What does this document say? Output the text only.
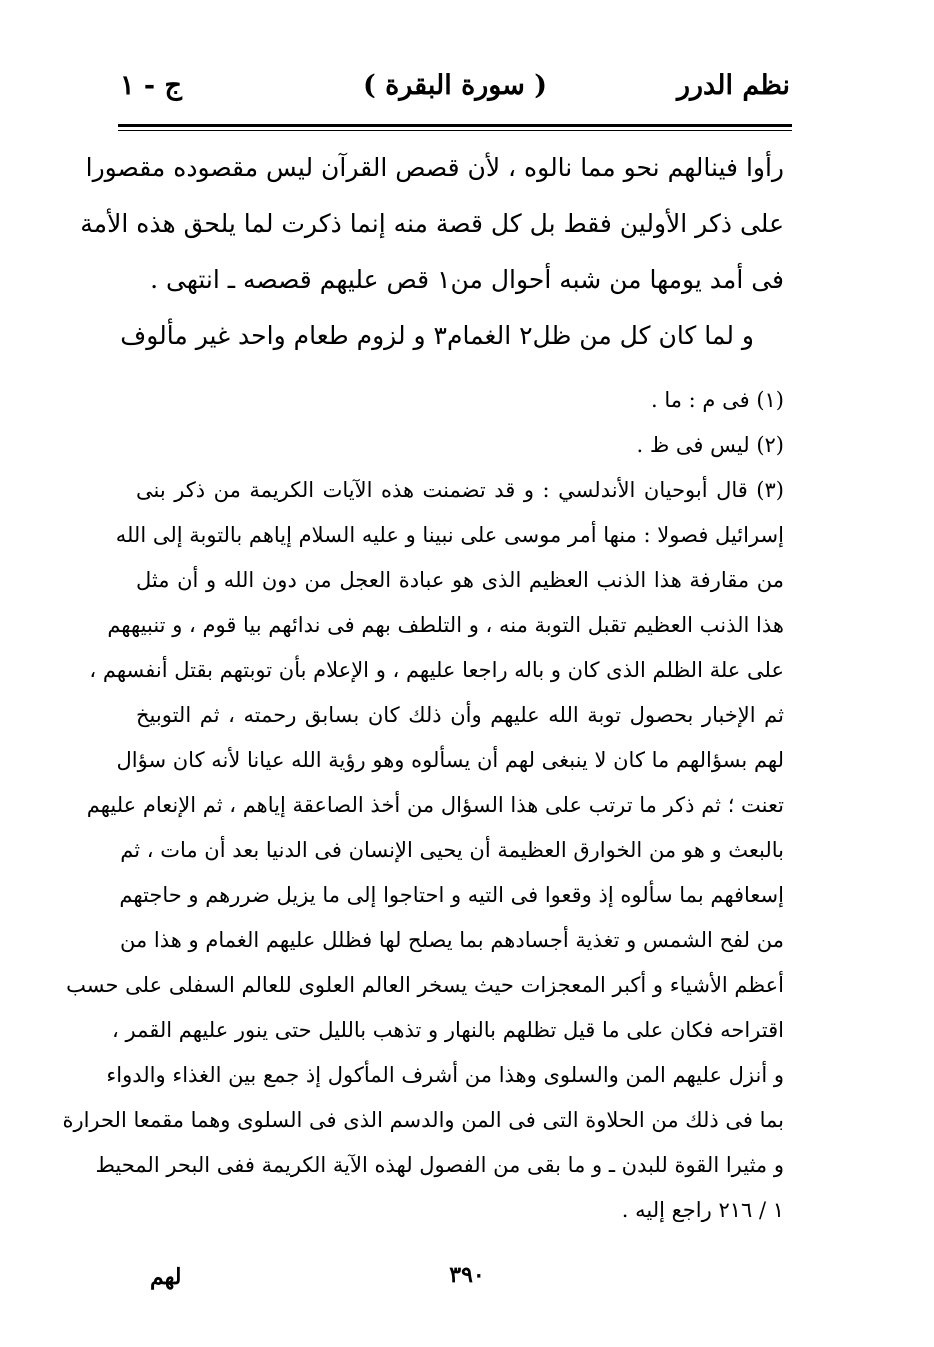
نظم الدرر
( سورة البقرة )
ج - ١

رأوا فينالهم نحو مما نالوه ، لأن قصص القرآن ليس مقصوده مقصورا

على ذكر الأولين فقط بل كل قصة منه إنما ذكرت لما يلحق هذه الأمة

فى أمد يومها من شبه أحوال من١ قص عليهم قصصه ـ انتهى .

و لما كان كل من ظل٢ الغمام٣ و لزوم طعام واحد غير مألوف

(١) فى م : ما .

(٢) ليس فى ظ .

(٣) قال أبوحيان الأندلسي : و قد تضمنت هذه الآيات الكريمة من ذكر بنى

إسرائيل فصولا : منها أمر موسى على نبينا و عليه السلام إياهم بالتوبة إلى الله

من مقارفة هذا الذنب العظيم الذى هو عبادة العجل من دون الله و أن مثل

هذا الذنب العظيم تقبل التوبة منه ، و التلطف بهم فى ندائهم بيا قوم ، و تنبيههم

على علة الظلم الذى كان و باله راجعا عليهم ، و الإعلام بأن توبتهم بقتل أنفسهم ،

ثم الإخبار بحصول توبة الله عليهم وأن ذلك كان بسابق رحمته ، ثم التوبيخ

لهم بسؤالهم ما كان لا ينبغى لهم أن يسألوه وهو رؤية الله عيانا لأنه كان سؤال

تعنت ؛ ثم ذكر ما ترتب على هذا السؤال من أخذ الصاعقة إياهم ، ثم الإنعام عليهم

بالبعث و هو من الخوارق العظيمة أن يحيى الإنسان فى الدنيا بعد أن مات ، ثم

إسعافهم بما سألوه إذ وقعوا فى التيه و احتاجوا إلى ما يزيل ضررهم و حاجتهم

من لفح الشمس و تغذية أجسادهم بما يصلح لها فظلل عليهم الغمام و هذا من

أعظم الأشياء و أكبر المعجزات حيث يسخر العالم العلوى للعالم السفلى على حسب

اقتراحه فكان على ما قيل تظلهم بالنهار و تذهب بالليل حتى ينور عليهم القمر ،

و أنزل عليهم المن والسلوى وهذا من أشرف المأكول إذ جمع بين الغذاء والدواء

بما فى ذلك من الحلاوة التى فى المن والدسم الذى فى السلوى وهما مقمعا الحرارة

و مثيرا القوة للبدن ـ و ما بقى من الفصول لهذه الآية الكريمة ففى البحر المحيط

١ / ٢١٦ راجع إليه .

٣٩٠
لهم
